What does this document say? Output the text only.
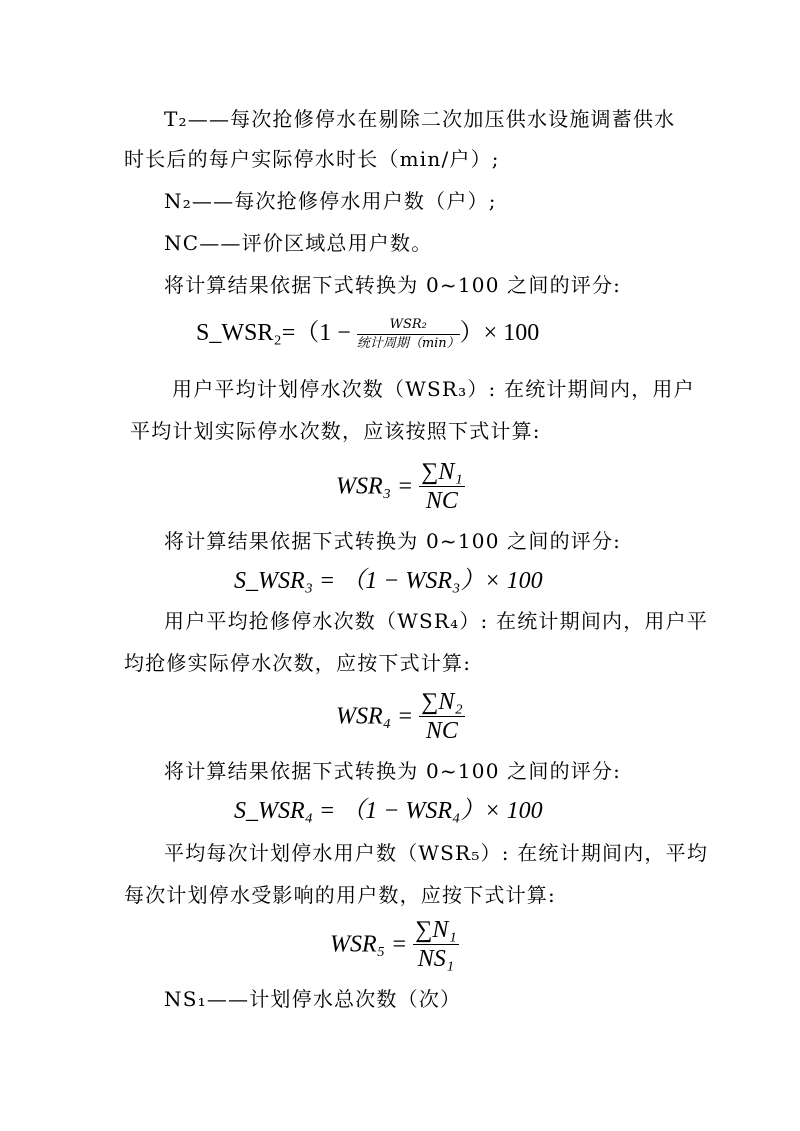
T₂——每次抢修停水在剔除二次加压供水设施调蓄供水
时长后的每户实际停水时长（min/户）;
N₂——每次抢修停水用户数（户）;
NC——评价区域总用户数。
将计算结果依据下式转换为 0~100 之间的评分:
S_WSR₂=（1 − $\frac{\text{WSR₂}}{\text{统计周期（min）}}$ ）× 100
用户平均计划停水次数（WSR₃）: 在统计期间内，用户
平均计划实际停水次数，应该按照下式计算:
$WSR_3 = \frac{\text{∑N₁}}{NC}$
将计算结果依据下式转换为 0~100 之间的评分:
S_WSR₃ = （1 − WSR₃）× 100
用户平均抢修停水次数（WSR₄）: 在统计期间内，用户平
均抢修实际停水次数，应按下式计算:
$WSR_4 = \frac{\text{∑N₂}}{NC}$
将计算结果依据下式转换为 0~100 之间的评分:
S_WSR₄ = （1 − WSR₄）× 100
平均每次计划停水用户数（WSR₅）: 在统计期间内，平均
每次计划停水受影响的用户数，应按下式计算:
$WSR_5 = \frac{\text{∑N₁}}{\text{NS₁}}$
NS₁——计划停水总次数（次）
